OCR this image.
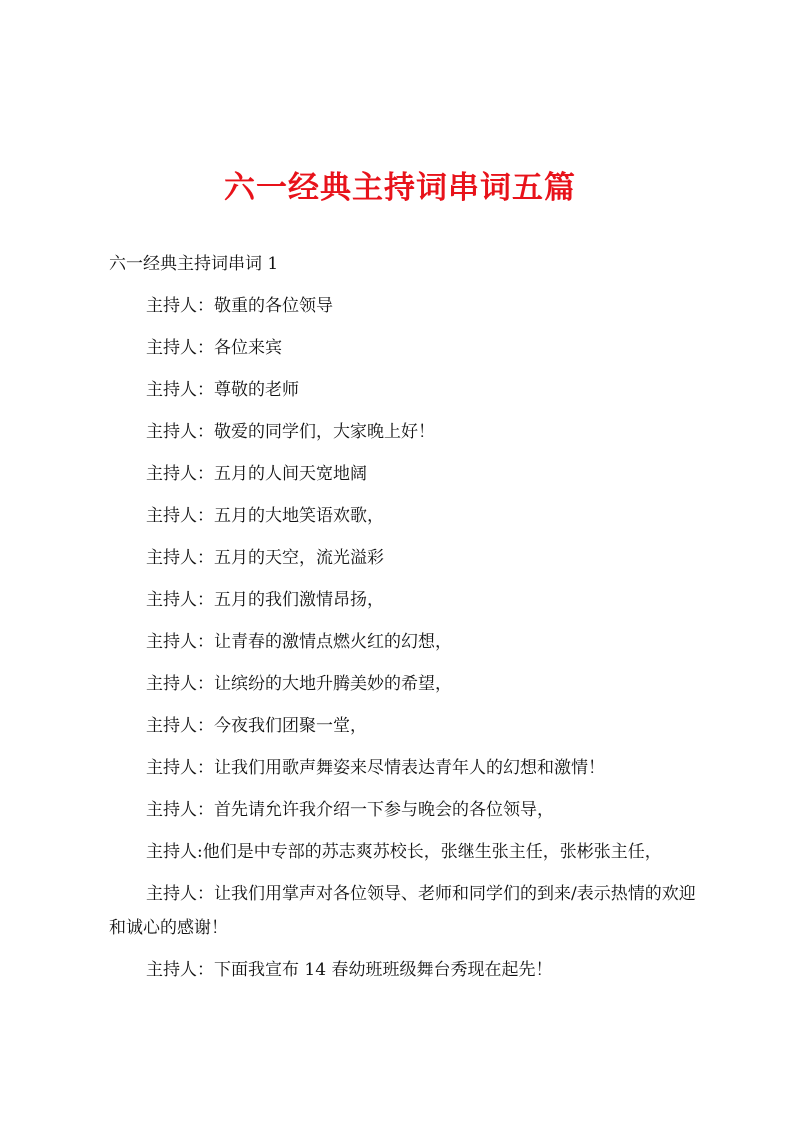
六一经典主持词串词五篇

六一经典主持词串词 1

主持人：敬重的各位领导

主持人：各位来宾

主持人：尊敬的老师

主持人：敬爱的同学们，大家晚上好！

主持人：五月的人间天宽地阔

主持人：五月的大地笑语欢歌，

主持人：五月的天空，流光溢彩

主持人：五月的我们激情昂扬，

主持人：让青春的激情点燃火红的幻想，

主持人：让缤纷的大地升腾美妙的希望，

主持人：今夜我们团聚一堂，

主持人：让我们用歌声舞姿来尽情表达青年人的幻想和激情！

主持人：首先请允许我介绍一下参与晚会的各位领导，

主持人:他们是中专部的苏志爽苏校长，张继生张主任，张彬张主任，

主持人：让我们用掌声对各位领导、老师和同学们的到来/表示热情的欢迎和诚心的感谢！

主持人：下面我宣布 14 春幼班班级舞台秀现在起先！
